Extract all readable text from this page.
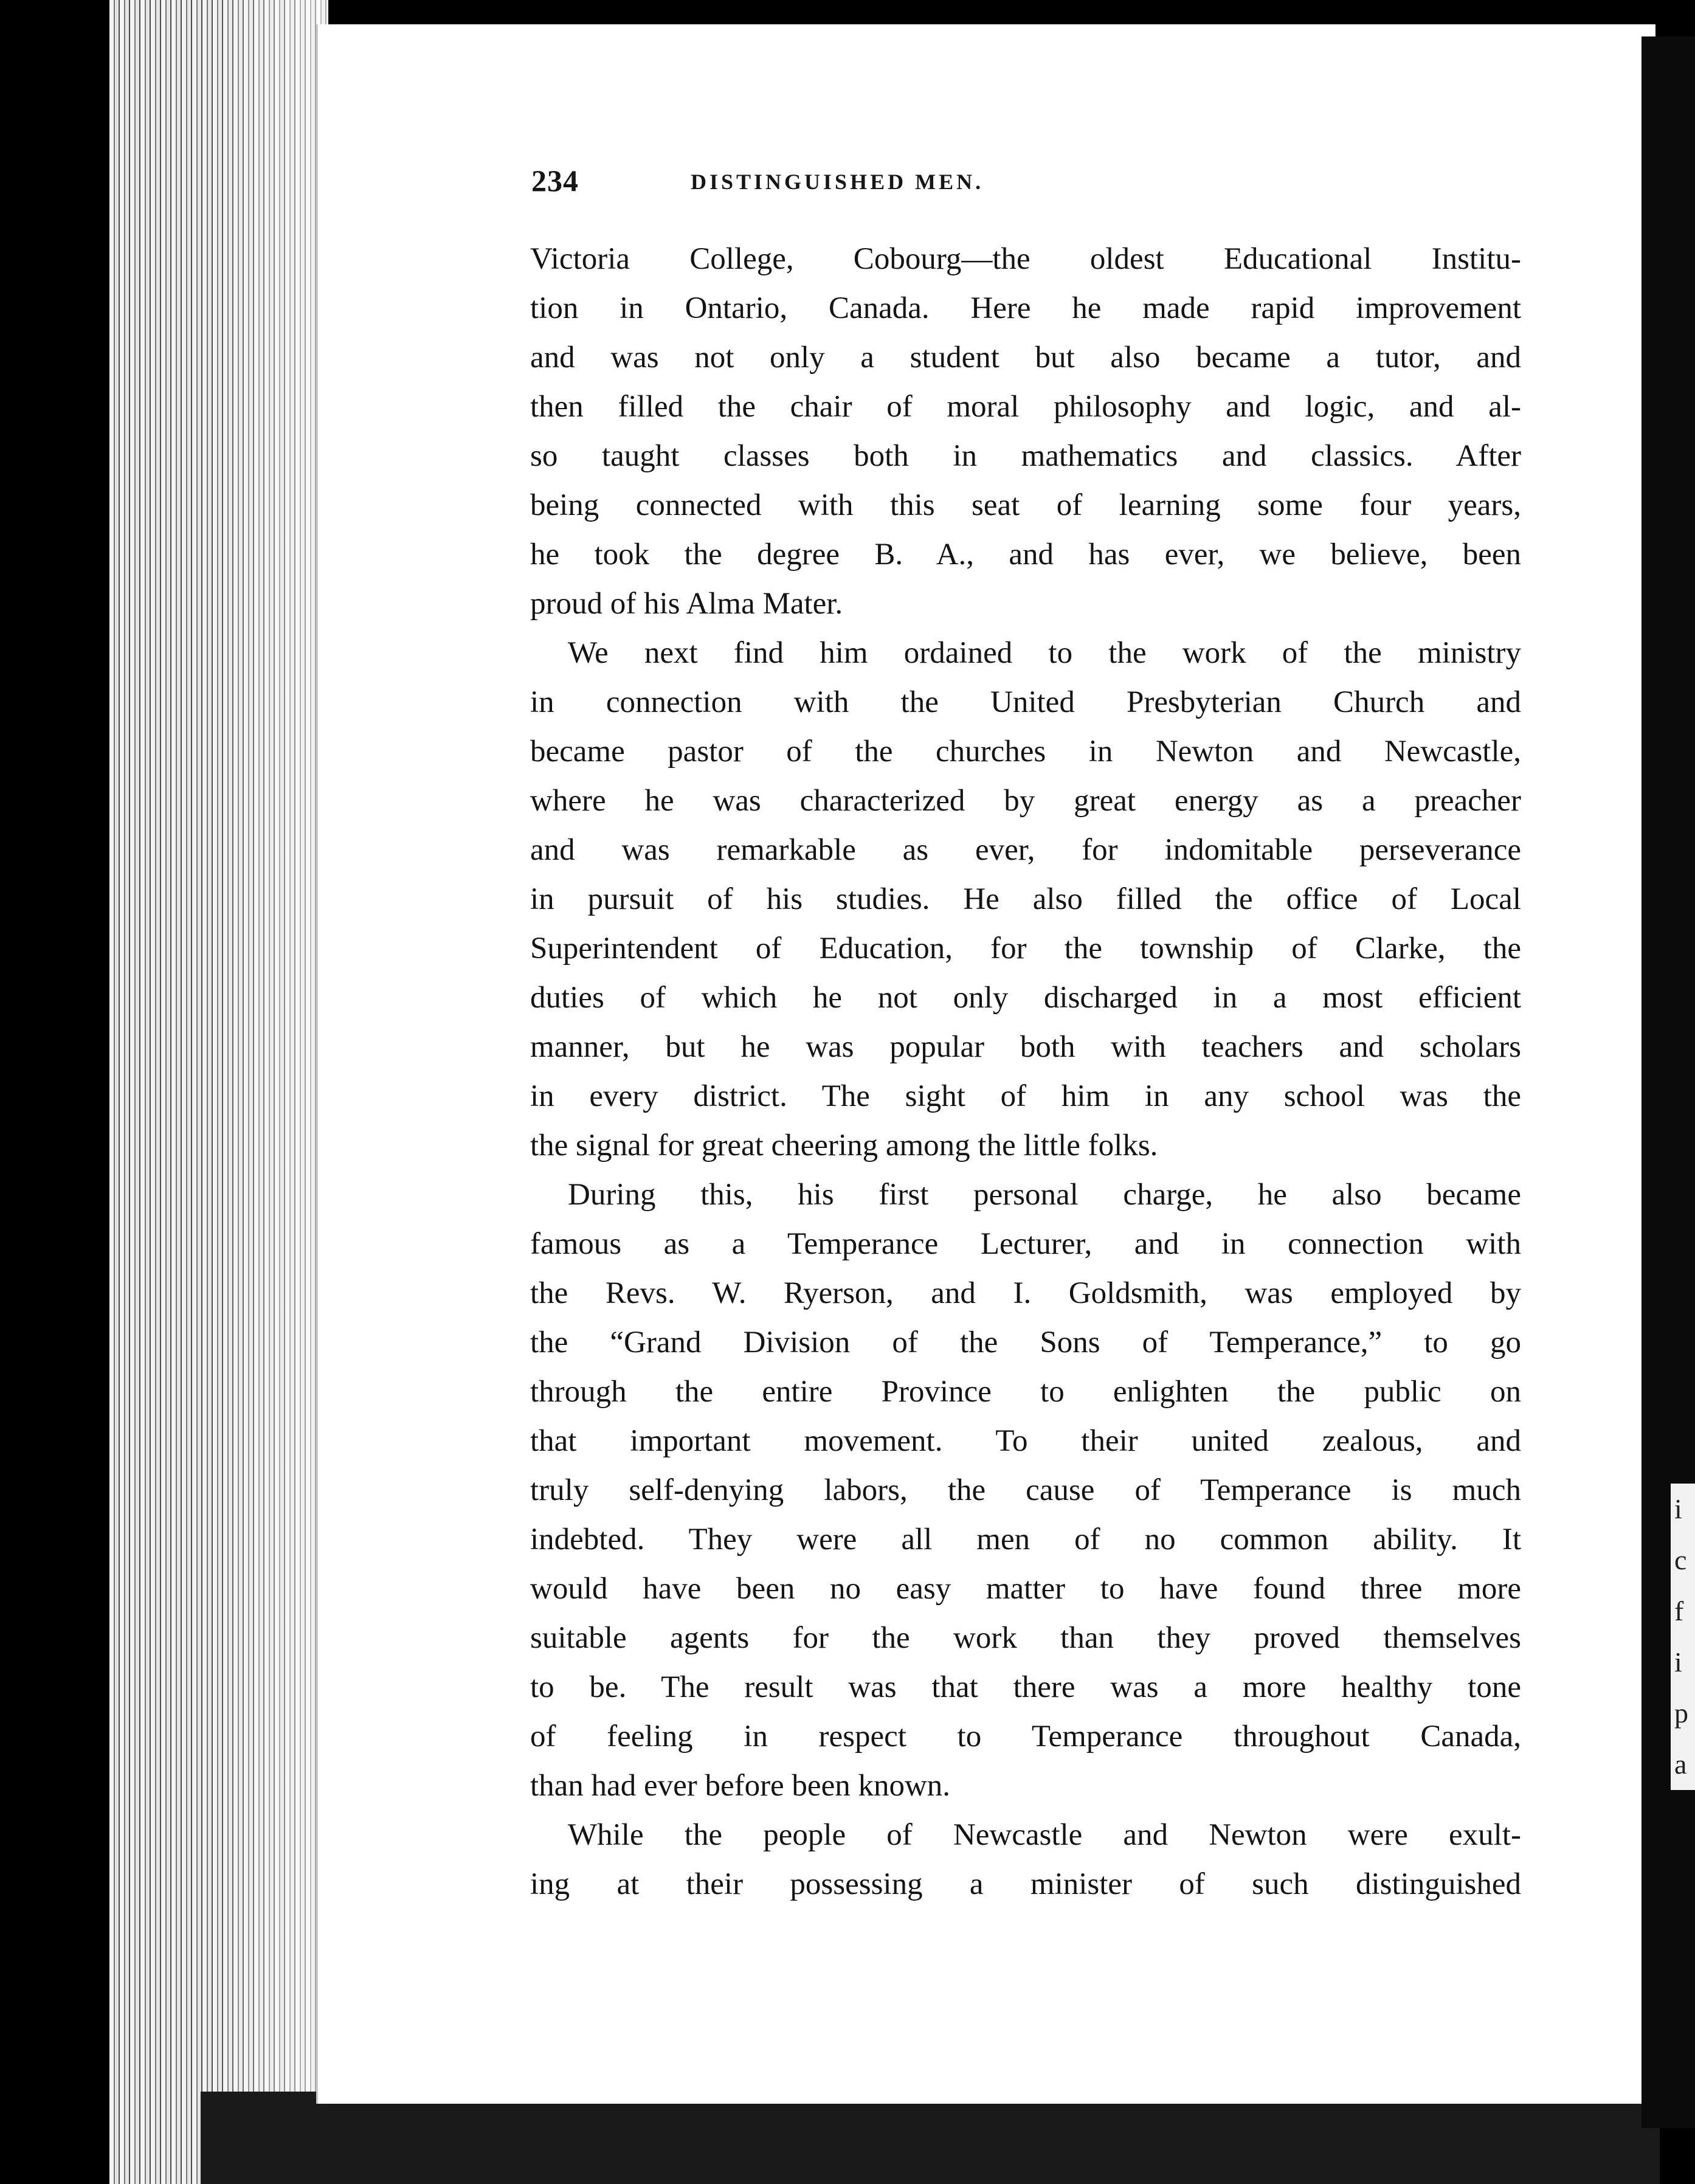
234	DISTINGUISHED MEN.
Victoria College, Cobourg—the oldest Educational Institu-
tion in Ontario, Canada. Here he made rapid improvement
and was not only a student but also became a tutor, and
then filled the chair of moral philosophy and logic, and al-
so taught classes both in mathematics and classics. After
being connected with this seat of learning some four years,
he took the degree B. A., and has ever, we believe, been
proud of his Alma Mater.
We next find him ordained to the work of the ministry
in connection with the United Presbyterian Church and
became pastor of the churches in Newton and Newcastle,
where he was characterized by great energy as a preacher
and was remarkable as ever, for indomitable perseverance
in pursuit of his studies. He also filled the office of Local
Superintendent of Education, for the township of Clarke, the
duties of which he not only discharged in a most efficient
manner, but he was popular both with teachers and scholars
in every district. The sight of him in any school was the
the signal for great cheering among the little folks.
During this, his first personal charge, he also became
famous as a Temperance Lecturer, and in connection with
the Revs. W. Ryerson, and I. Goldsmith, was employed by
the “Grand Division of the Sons of Temperance,” to go
through the entire Province to enlighten the public on
that important movement. To their united zealous, and
truly self-denying labors, the cause of Temperance is much
indebted. They were all men of no common ability. It
would have been no easy matter to have found three more
suitable agents for the work than they proved themselves
to be. The result was that there was a more healthy tone
of feeling in respect to Temperance throughout Canada,
than had ever before been known.
While the people of Newcastle and Newton were exult-
ing at their possessing a minister of such distinguished
i
c
f
i
p
a
